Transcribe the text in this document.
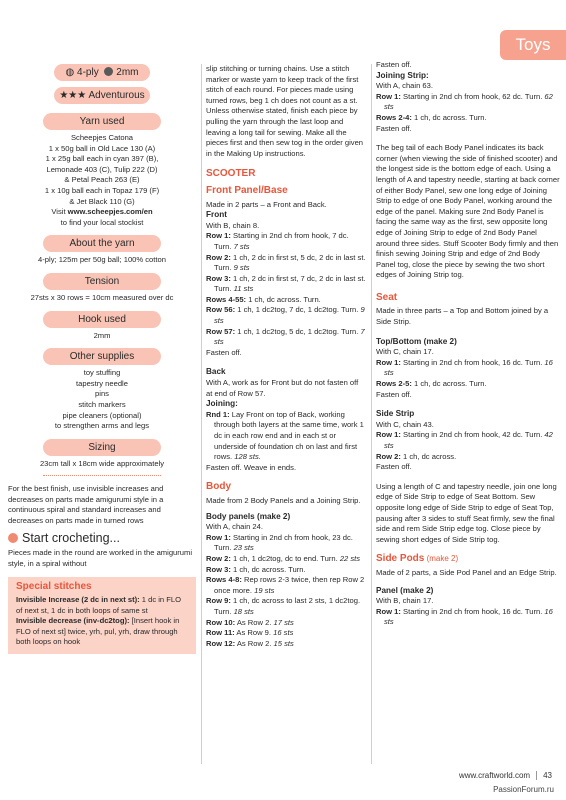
Toys
◍ 4-ply 2mm
★★★ Adventurous
Yarn used

Scheepjes Catona

1 x 50g ball in Old Lace 130 (A)

1 x 25g ball each in cyan 397 (B),

Lemonade 403 (C), Tulip 222 (D)

& Petal Peach 263 (E)

1 x 10g ball each in Topaz 179 (F)

& Jet Black 110 (G)

Visit www.scheepjes.com/en

to find your local stockist

About the yarn

4-ply; 125m per 50g ball; 100% cotton

Tension

27sts x 30 rows = 10cm measured over dc

Hook used

2mm

Other supplies

toy stuffing

tapestry needle

pins

stitch markers

pipe cleaners (optional)

to strengthen arms and legs

Sizing

23cm tall x 18cm wide approximately

For the best finish, use invisible increases and decreases on parts made amigurumi style in a continuous spiral and standard increases and decreases on parts made in turned rows

Start crocheting...

Pieces made in the round are worked in the amigurumi style, in a spiral without

Special stitches

Invisible Increase (2 dc in next st): 1 dc in FLO of next st, 1 dc in both loops of same st

Invisible decrease (inv-dc2tog): [Insert hook in FLO of next st] twice, yrh, pul, yrh, draw through both loops on hook

slip stitching or turning chains. Use a stitch marker or waste yarn to keep track of the first stitch of each round. For pieces made using turned rows, beg 1 ch does not count as a st. Unless otherwise stated, finish each piece by pulling the yarn through the last loop and leaving a long tail for sewing. Make all the pieces first and then sew tog in the order given in the Making Up instructions.

SCOOTER
Front Panel/Base

Made in 2 parts – a Front and Back.

Front

With B, chain 8.

Row 1: Starting in 2nd ch from hook, 7 dc. Turn. 7 sts

Row 2: 1 ch, 2 dc in first st, 5 dc, 2 dc in last st. Turn. 9 sts

Row 3: 1 ch, 2 dc in first st, 7 dc, 2 dc in last st. Turn. 11 sts

Rows 4-55: 1 ch, dc across. Turn.

Row 56: 1 ch, 1 dc2tog, 7 dc, 1 dc2tog. Turn. 9 sts

Row 57: 1 ch, 1 dc2tog, 5 dc, 1 dc2tog. Turn. 7 sts

Fasten off.

Back

With A, work as for Front but do not fasten off at end of Row 57.

Joining:

Rnd 1: Lay Front on top of Back, working through both layers at the same time, work 1 dc in each row end and in each st or underside of foundation ch on last and first rows. 128 sts.

Fasten off. Weave in ends.

Body

Made from 2 Body Panels and a Joining Strip.

Body panels (make 2)

With A, chain 24.

Row 1: Starting in 2nd ch from hook, 23 dc. Turn. 23 sts

Row 2: 1 ch, 1 dc2tog, dc to end. Turn. 22 sts

Row 3: 1 ch, dc across. Turn.

Rows 4-8: Rep rows 2-3 twice, then rep Row 2 once more. 19 sts

Row 9: 1 ch, dc across to last 2 sts, 1 dc2tog. Turn. 18 sts

Row 10: As Row 2. 17 sts

Row 11: As Row 9. 16 sts

Row 12: As Row 2. 15 sts

Fasten off.

Joining Strip:

With A, chain 63.

Row 1: Starting in 2nd ch from hook, 62 dc. Turn. 62 sts

Rows 2-4: 1 ch, dc across. Turn.

Fasten off.

The beg tail of each Body Panel indicates its back corner (when viewing the side of finished scooter) and the longest side is the bottom edge of each. Using a length of A and tapestry needle, starting at back corner of either Body Panel, sew one long edge of Joining Strip to edge of one Body Panel, working around the edge of the panel. Making sure 2nd Body Panel is facing the same way as the first, sew opposite long edge of Joining Strip to edge of 2nd Body Panel around three sides. Stuff Scooter Body firmly and then finish sewing Joining Strip and edge of 2nd Body Panel tog, close the piece by sewing the two short edges of Joining Strip tog.

Seat

Made in three parts – a Top and Bottom joined by a Side Strip.

Top/Bottom (make 2)

With C, chain 17.

Row 1: Starting in 2nd ch from hook, 16 dc. Turn. 16 sts

Rows 2-5: 1 ch, dc across. Turn.

Fasten off.

Side Strip

With C, chain 43.

Row 1: Starting in 2nd ch from hook, 42 dc. Turn. 42 sts

Row 2: 1 ch, dc across.

Fasten off.

Using a length of C and tapestry needle, join one long edge of Side Strip to edge of Seat Bottom. Sew opposite long edge of Side Strip to edge of Seat Top, pausing after 3 sides to stuff Seat firmly, sew the final side and rem Side Strip edge tog. Close piece by sewing short edges of Side Strip tog.

Side Pods (make 2)

Made of 2 parts, a Side Pod Panel and an Edge Strip.

Panel (make 2)

With B, chain 17.

Row 1: Starting in 2nd ch from hook, 16 dc. Turn. 16 sts

www.craftworld.com 43
PassionForum.ru
